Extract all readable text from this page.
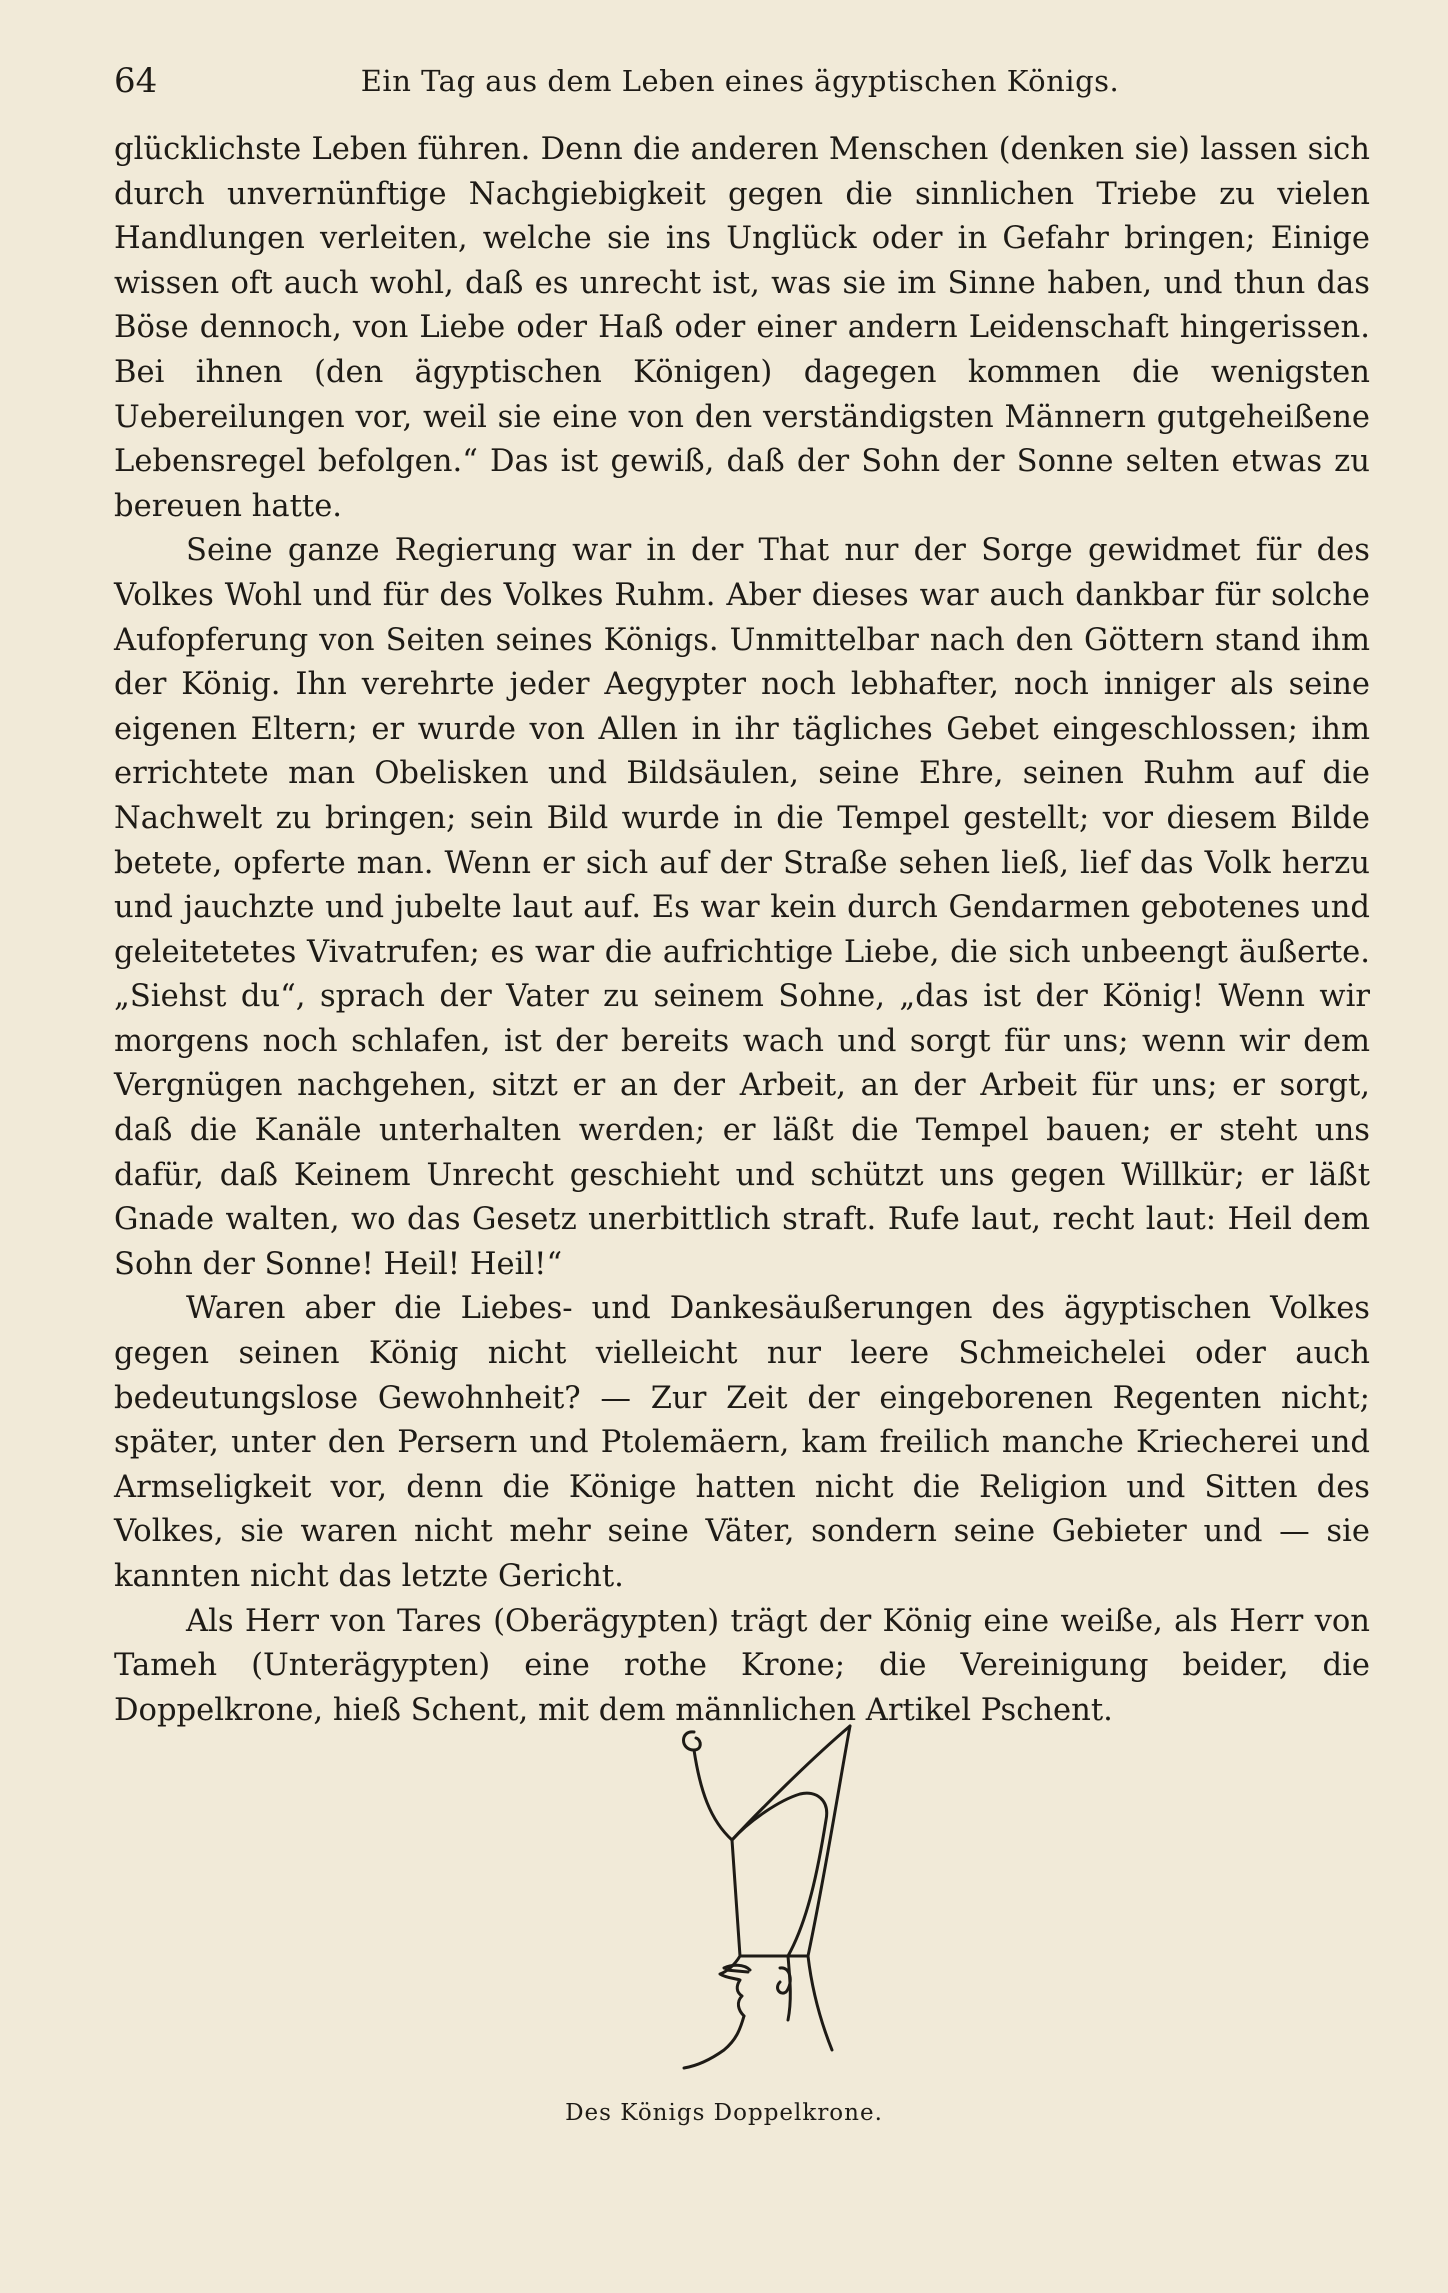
64	Ein Tag aus dem Leben eines ägyptischen Königs.

glücklichste Leben führen. Denn die anderen Menschen (denken sie) lassen sich durch unvernünftige Nachgiebigkeit gegen die sinnlichen Triebe zu vielen Handlungen verleiten, welche sie ins Unglück oder in Gefahr bringen; Einige wissen oft auch wohl, daß es unrecht ist, was sie im Sinne haben, und thun das Böse dennoch, von Liebe oder Haß oder einer andern Leidenschaft hingerissen. Bei ihnen (den ägyptischen Königen) dagegen kommen die wenigsten Uebereilungen vor, weil sie eine von den verständigsten Männern gutgeheißene Lebensregel befolgen.“ Das ist gewiß, daß der Sohn der Sonne selten etwas zu bereuen hatte.

Seine ganze Regierung war in der That nur der Sorge gewidmet für des Volkes Wohl und für des Volkes Ruhm. Aber dieses war auch dankbar für solche Aufopferung von Seiten seines Königs. Unmittelbar nach den Göttern stand ihm der König. Ihn verehrte jeder Aegypter noch lebhafter, noch inniger als seine eigenen Eltern; er wurde von Allen in ihr tägliches Gebet eingeschlossen; ihm errichtete man Obelisken und Bildsäulen, seine Ehre, seinen Ruhm auf die Nachwelt zu bringen; sein Bild wurde in die Tempel gestellt; vor diesem Bilde betete, opferte man. Wenn er sich auf der Straße sehen ließ, lief das Volk herzu und jauchzte und jubelte laut auf. Es war kein durch Gendarmen gebotenes und geleitetetes Vivatrufen; es war die aufrichtige Liebe, die sich unbeengt äußerte. „Siehst du“, sprach der Vater zu seinem Sohne, „das ist der König! Wenn wir morgens noch schlafen, ist der bereits wach und sorgt für uns; wenn wir dem Vergnügen nachgehen, sitzt er an der Arbeit, an der Arbeit für uns; er sorgt, daß die Kanäle unterhalten werden; er läßt die Tempel bauen; er steht uns dafür, daß Keinem Unrecht geschieht und schützt uns gegen Willkür; er läßt Gnade walten, wo das Gesetz unerbittlich straft. Rufe laut, recht laut: Heil dem Sohn der Sonne! Heil! Heil!“

Waren aber die Liebes- und Dankesäußerungen des ägyptischen Volkes gegen seinen König nicht vielleicht nur leere Schmeichelei oder auch bedeutungslose Gewohnheit? — Zur Zeit der eingeborenen Regenten nicht; später, unter den Persern und Ptolemäern, kam freilich manche Kriecherei und Armseligkeit vor, denn die Könige hatten nicht die Religion und Sitten des Volkes, sie waren nicht mehr seine Väter, sondern seine Gebieter und — sie kannten nicht das letzte Gericht.

Als Herr von Tares (Oberägypten) trägt der König eine weiße, als Herr von Tameh (Unterägypten) eine rothe Krone; die Vereinigung beider, die Doppelkrone, hieß Schent, mit dem männlichen Artikel Pschent.

Des Königs Doppelkrone.
